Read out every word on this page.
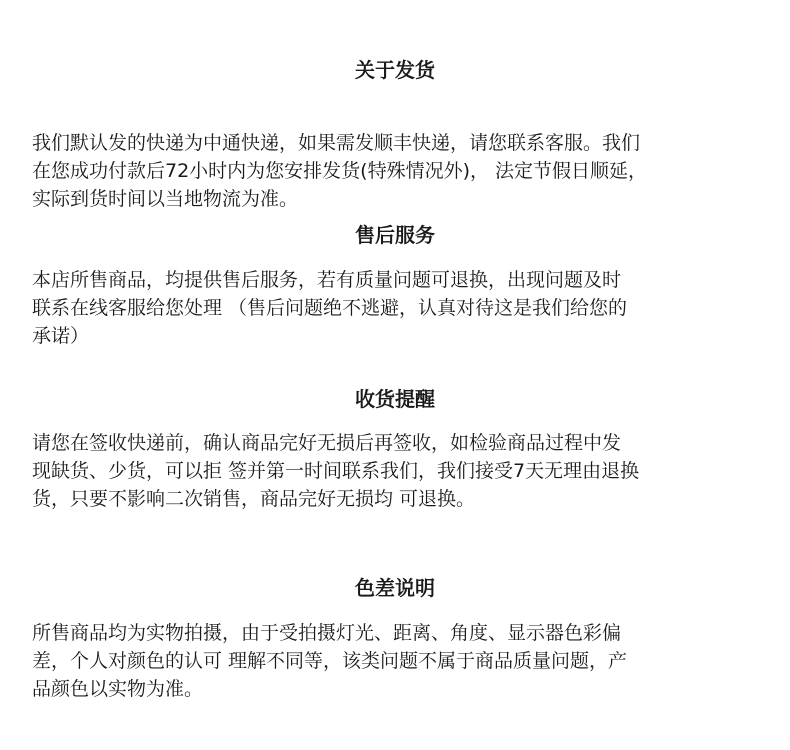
关于发货

我们默认发的快递为中通快递，如果需发顺丰快递，请您联系客服。我们
在您成功付款后72小时内为您安排发货(特殊情况外)， 法定节假日顺延，
实际到货时间以当地物流为准。

售后服务

本店所售商品，均提供售后服务，若有质量问题可退换，出现问题及时
联系在线客服给您处理 （售后问题绝不逃避，认真对待这是我们给您的
承诺）

收货提醒

请您在签收快递前，确认商品完好无损后再签收，如检验商品过程中发
现缺货、少货，可以拒 签并第一时间联系我们，我们接受7天无理由退换
货，只要不影响二次销售，商品完好无损均 可退换。

色差说明

所售商品均为实物拍摄，由于受拍摄灯光、距离、角度、显示器色彩偏
差，个人对颜色的认可 理解不同等，该类问题不属于商品质量问题，产
品颜色以实物为准。
